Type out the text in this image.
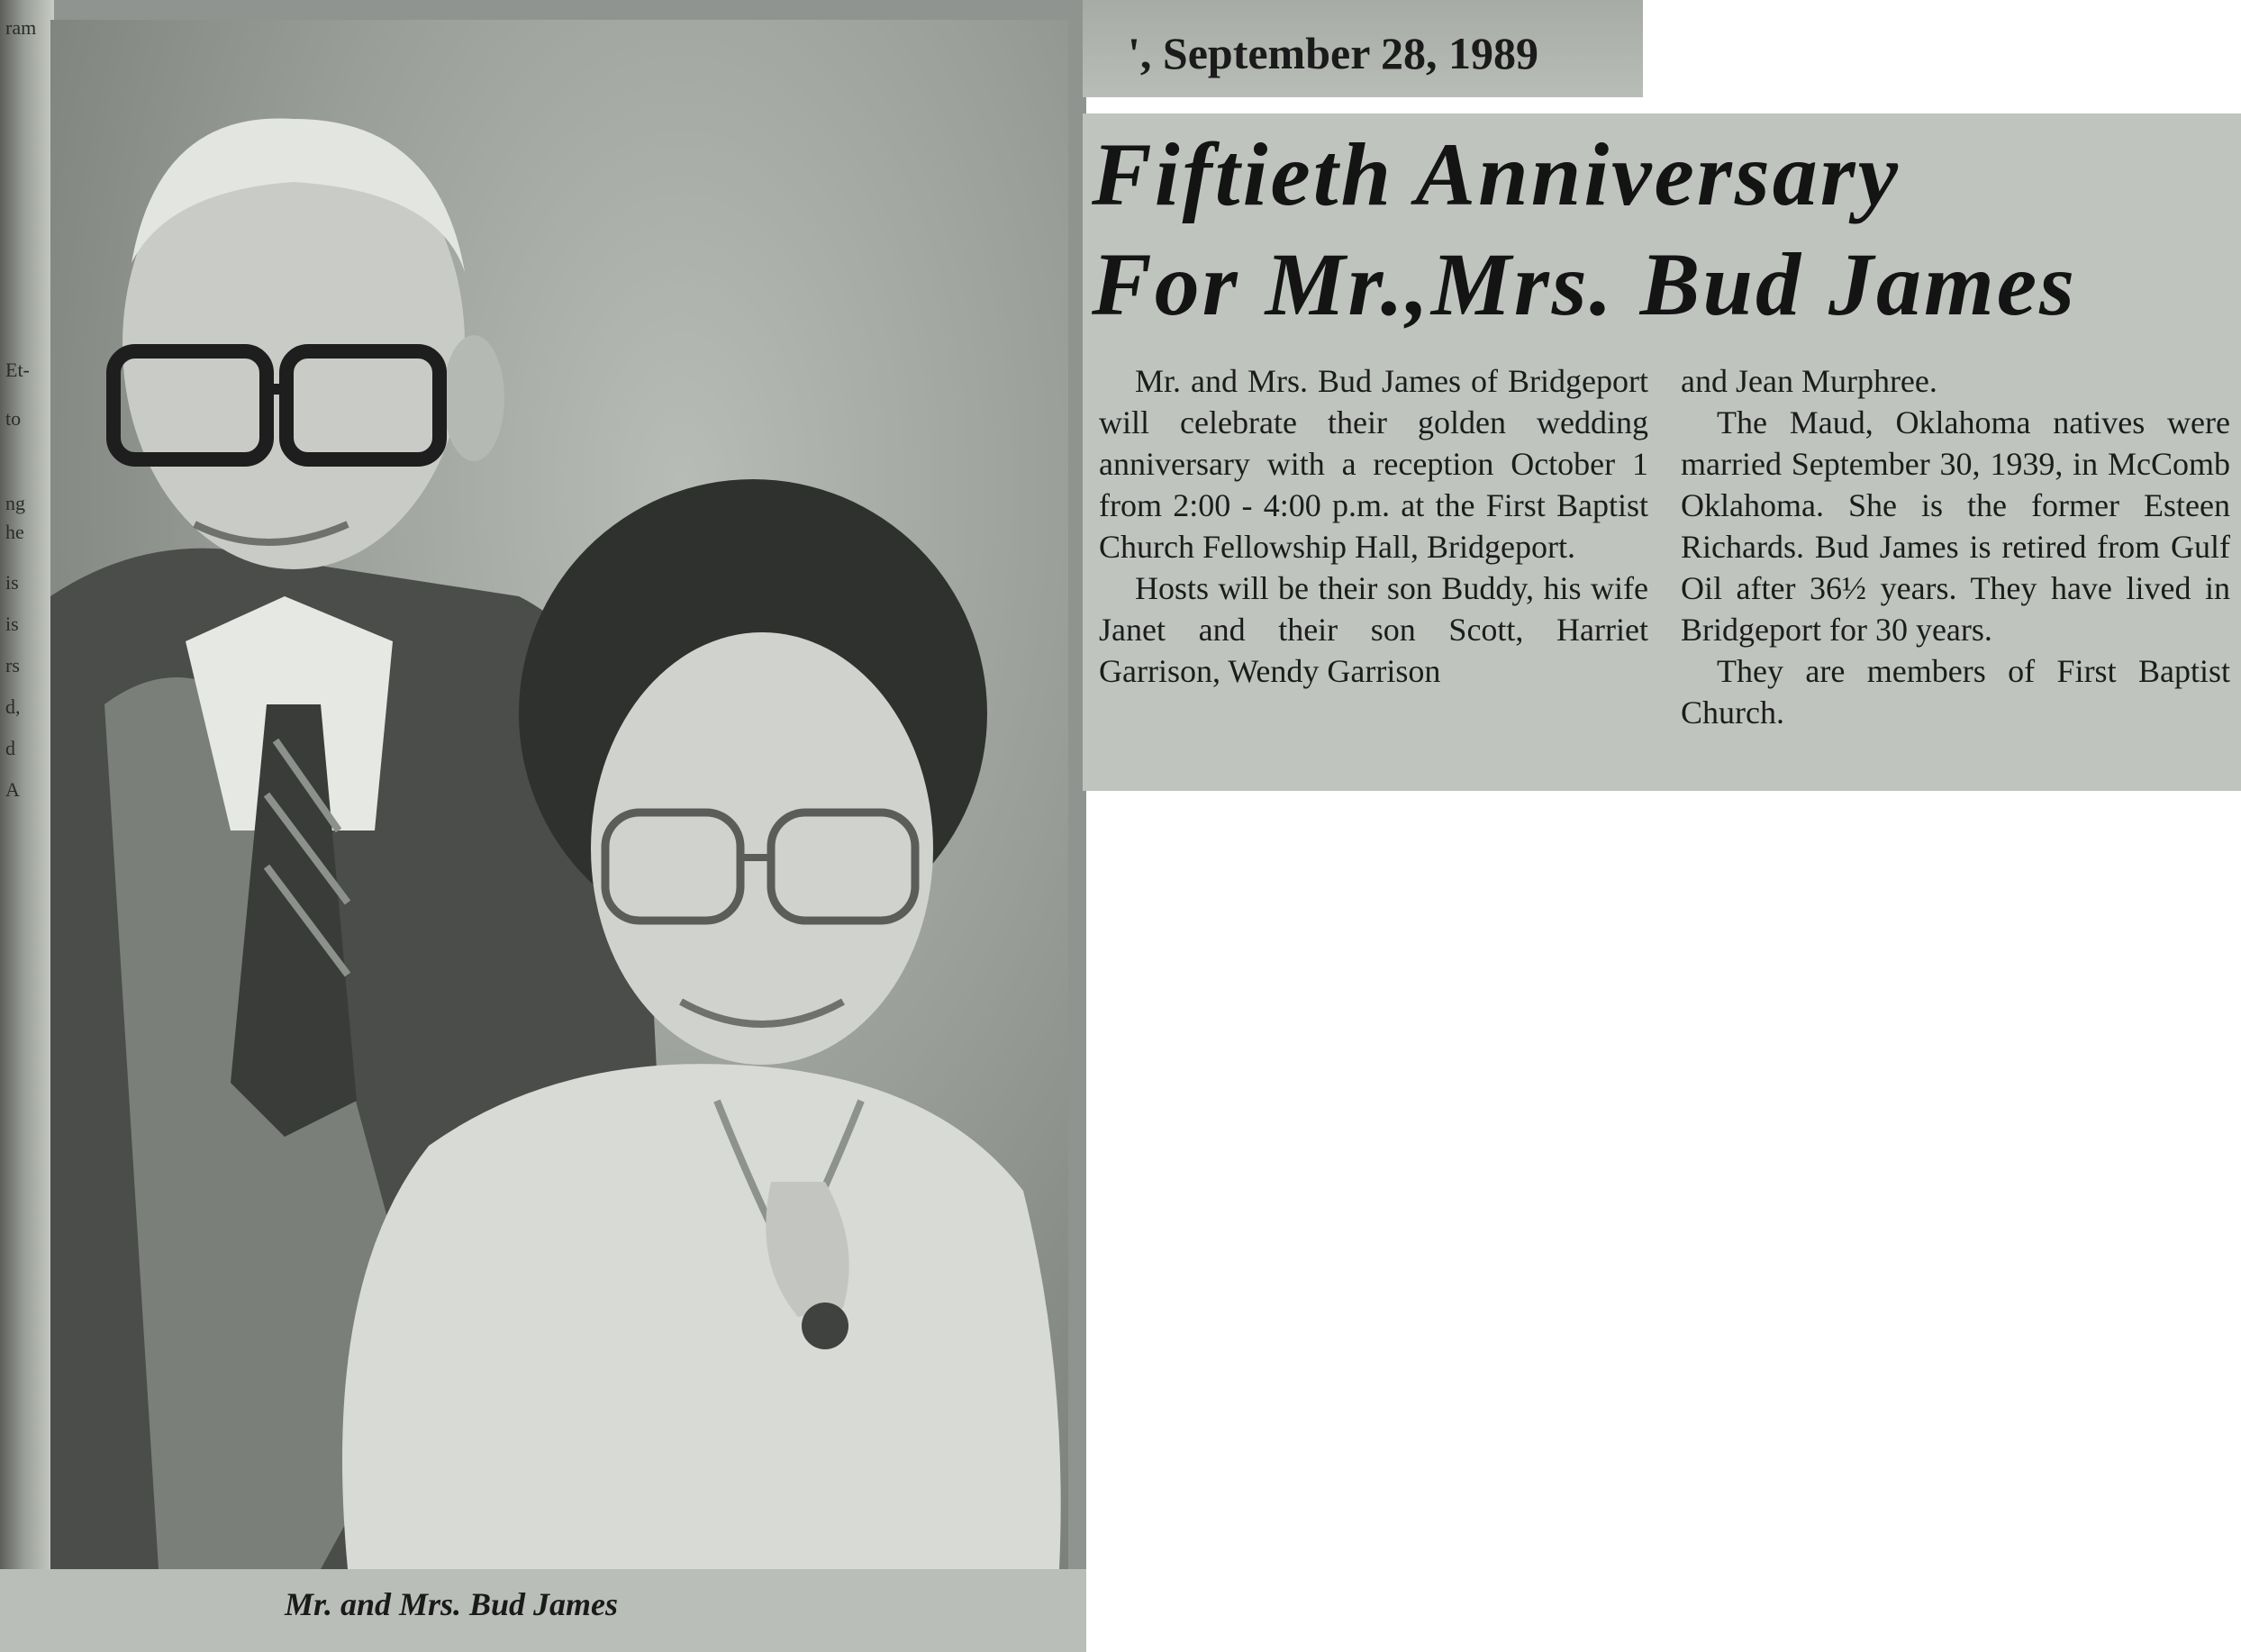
ram
Et-
to
ng
he
is
is
rs
d,
d
A
Mr. and Mrs. Bud James
', September 28, 1989
Fiftieth Anniversary
For Mr.,Mrs. Bud James

Mr. and Mrs. Bud James of Bridgeport will celebrate their golden wedding anniversary with a reception October 1 from 2:00 - 4:00 p.m. at the First Baptist Church Fellowship Hall, Bridgeport.

Hosts will be their son Buddy, his wife Janet and their son Scott, Harriet Garrison, Wendy Garrison

and Jean Murphree.

The Maud, Oklahoma natives were married September 30, 1939, in McComb Oklahoma. She is the former Esteen Richards. Bud James is retired from Gulf Oil after 36½ years. They have lived in Bridgeport for 30 years.

They are members of First Baptist Church.
